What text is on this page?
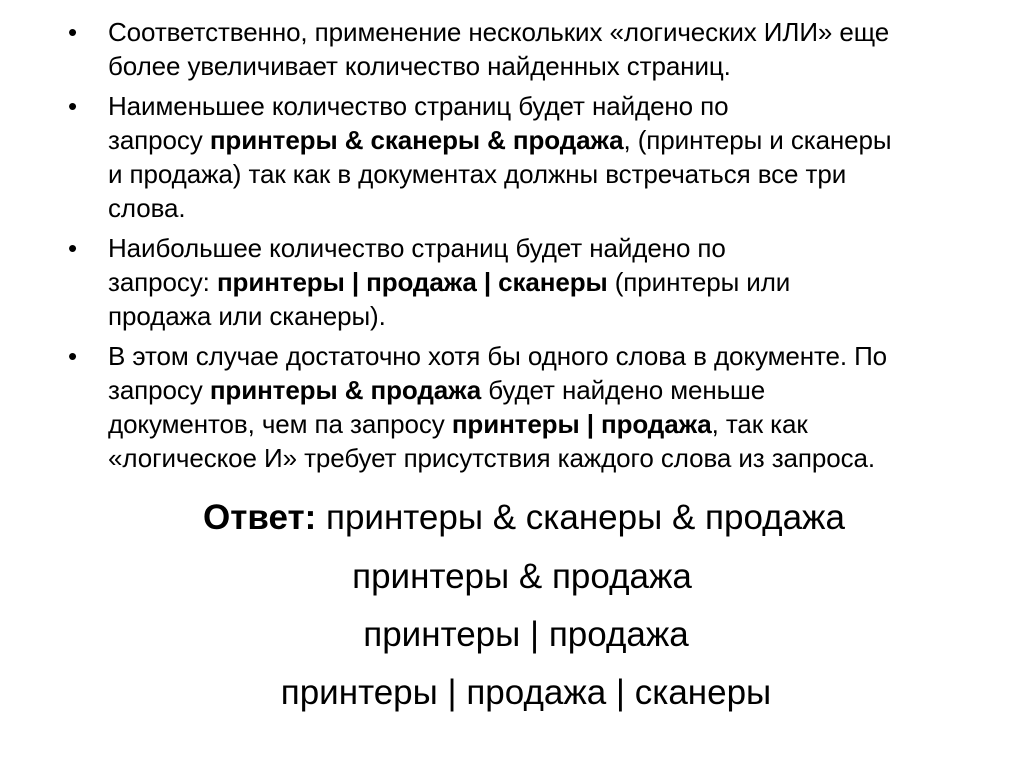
• Соответственно, применение нескольких «логических ИЛИ» еще
более увеличивает количество найденных страниц.
• Наименьшее количество страниц будет найдено по
запросу принтеры & сканеры & продажа, (принтеры и сканеры
и продажа) так как в документах должны встречаться все три
слова.
• Наибольшее количество страниц будет найдено по
запросу: принтеры | продажа | сканеры (принтеры или
продажа или сканеры).
• В этом случае достаточно хотя бы одного слова в документе. По
запросу принтеры & продажа будет найдено меньше
документов, чем па запросу принтеры | продажа, так как
«логическое И» требует присутствия каждого слова из запроса.
Ответ: принтеры & сканеры & продажа
принтеры & продажа
принтеры | продажа
принтеры | продажа | сканеры
